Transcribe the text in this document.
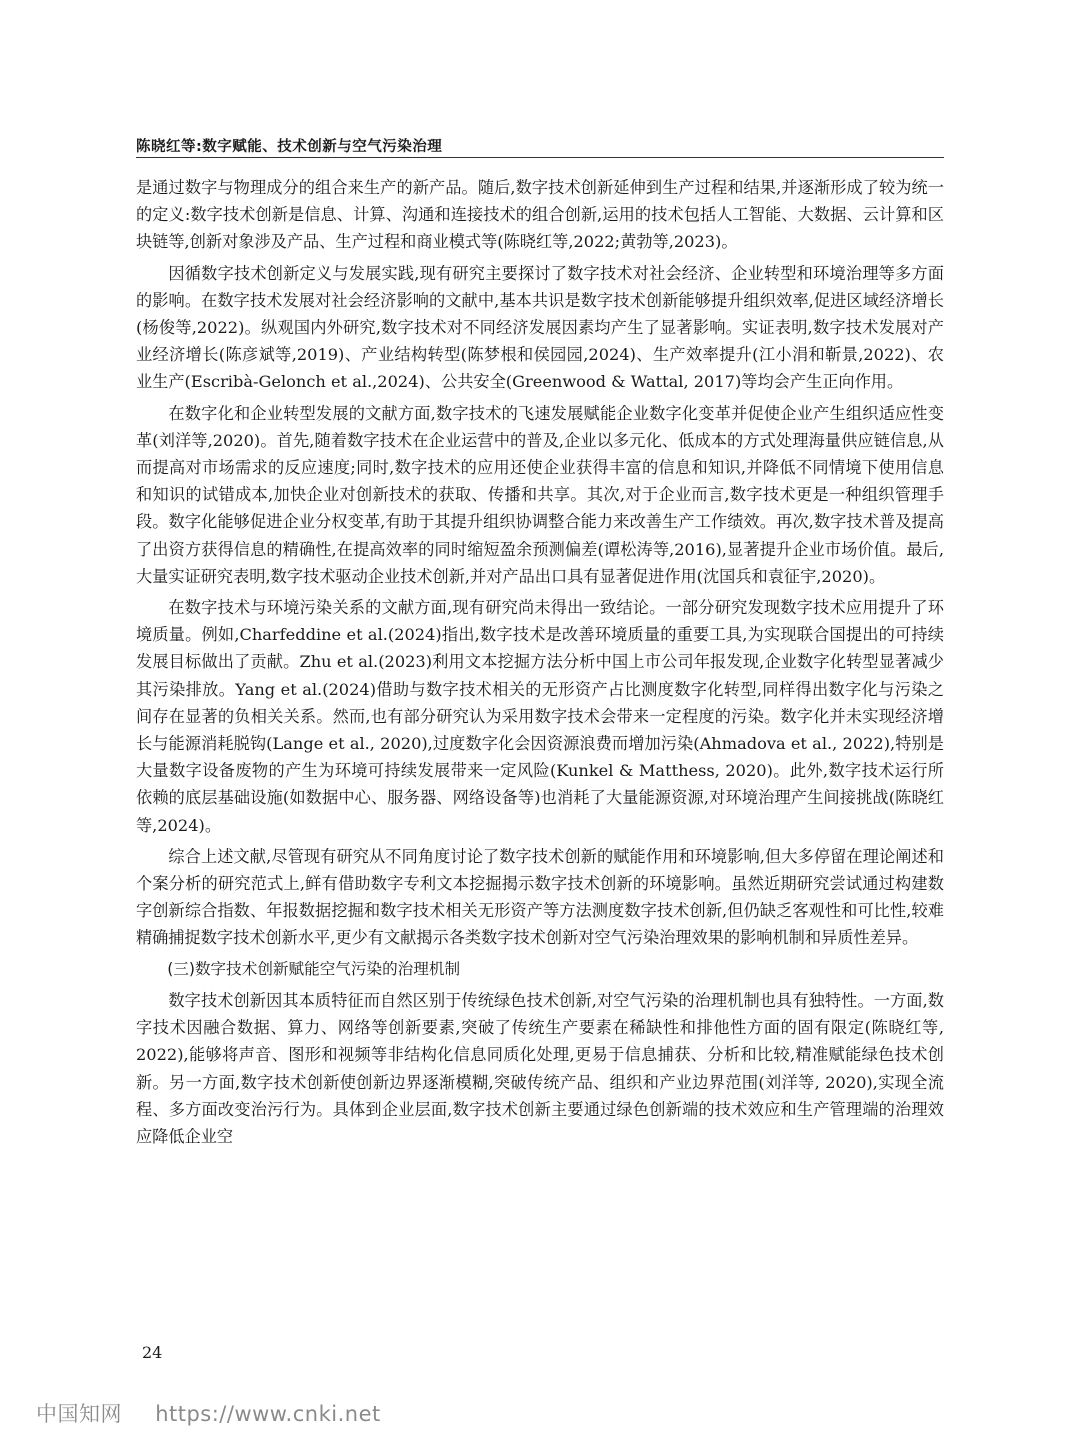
陈晓红等:数字赋能、技术创新与空气污染治理

是通过数字与物理成分的组合来生产的新产品。随后,数字技术创新延伸到生产过程和结果,并逐渐形成了较为统一的定义:数字技术创新是信息、计算、沟通和连接技术的组合创新,运用的技术包括人工智能、大数据、云计算和区块链等,创新对象涉及产品、生产过程和商业模式等(陈晓红等,2022;黄勃等,2023)。

因循数字技术创新定义与发展实践,现有研究主要探讨了数字技术对社会经济、企业转型和环境治理等多方面的影响。在数字技术发展对社会经济影响的文献中,基本共识是数字技术创新能够提升组织效率,促进区域经济增长(杨俊等,2022)。纵观国内外研究,数字技术对不同经济发展因素均产生了显著影响。实证表明,数字技术发展对产业经济增长(陈彦斌等,2019)、产业结构转型(陈梦根和侯园园,2024)、生产效率提升(江小涓和靳景,2022)、农业生产(Escribà-Gelonch et al.,2024)、公共安全(Greenwood & Wattal, 2017)等均会产生正向作用。

在数字化和企业转型发展的文献方面,数字技术的飞速发展赋能企业数字化变革并促使企业产生组织适应性变革(刘洋等,2020)。首先,随着数字技术在企业运营中的普及,企业以多元化、低成本的方式处理海量供应链信息,从而提高对市场需求的反应速度;同时,数字技术的应用还使企业获得丰富的信息和知识,并降低不同情境下使用信息和知识的试错成本,加快企业对创新技术的获取、传播和共享。其次,对于企业而言,数字技术更是一种组织管理手段。数字化能够促进企业分权变革,有助于其提升组织协调整合能力来改善生产工作绩效。再次,数字技术普及提高了出资方获得信息的精确性,在提高效率的同时缩短盈余预测偏差(谭松涛等,2016),显著提升企业市场价值。最后,大量实证研究表明,数字技术驱动企业技术创新,并对产品出口具有显著促进作用(沈国兵和袁征宇,2020)。

在数字技术与环境污染关系的文献方面,现有研究尚未得出一致结论。一部分研究发现数字技术应用提升了环境质量。例如,Charfeddine et al.(2024)指出,数字技术是改善环境质量的重要工具,为实现联合国提出的可持续发展目标做出了贡献。Zhu et al.(2023)利用文本挖掘方法分析中国上市公司年报发现,企业数字化转型显著减少其污染排放。Yang et al.(2024)借助与数字技术相关的无形资产占比测度数字化转型,同样得出数字化与污染之间存在显著的负相关关系。然而,也有部分研究认为采用数字技术会带来一定程度的污染。数字化并未实现经济增长与能源消耗脱钩(Lange et al., 2020),过度数字化会因资源浪费而增加污染(Ahmadova et al., 2022),特别是大量数字设备废物的产生为环境可持续发展带来一定风险(Kunkel & Matthess, 2020)。此外,数字技术运行所依赖的底层基础设施(如数据中心、服务器、网络设备等)也消耗了大量能源资源,对环境治理产生间接挑战(陈晓红等,2024)。

综合上述文献,尽管现有研究从不同角度讨论了数字技术创新的赋能作用和环境影响,但大多停留在理论阐述和个案分析的研究范式上,鲜有借助数字专利文本挖掘揭示数字技术创新的环境影响。虽然近期研究尝试通过构建数字创新综合指数、年报数据挖掘和数字技术相关无形资产等方法测度数字技术创新,但仍缺乏客观性和可比性,较难精确捕捉数字技术创新水平,更少有文献揭示各类数字技术创新对空气污染治理效果的影响机制和异质性差异。

(三)数字技术创新赋能空气污染的治理机制

数字技术创新因其本质特征而自然区别于传统绿色技术创新,对空气污染的治理机制也具有独特性。一方面,数字技术因融合数据、算力、网络等创新要素,突破了传统生产要素在稀缺性和排他性方面的固有限定(陈晓红等, 2022),能够将声音、图形和视频等非结构化信息同质化处理,更易于信息捕获、分析和比较,精准赋能绿色技术创新。另一方面,数字技术创新使创新边界逐渐模糊,突破传统产品、组织和产业边界范围(刘洋等, 2020),实现全流程、多方面改变治污行为。具体到企业层面,数字技术创新主要通过绿色创新端的技术效应和生产管理端的治理效应降低企业空

24
中国知网 https://www.cnki.net
